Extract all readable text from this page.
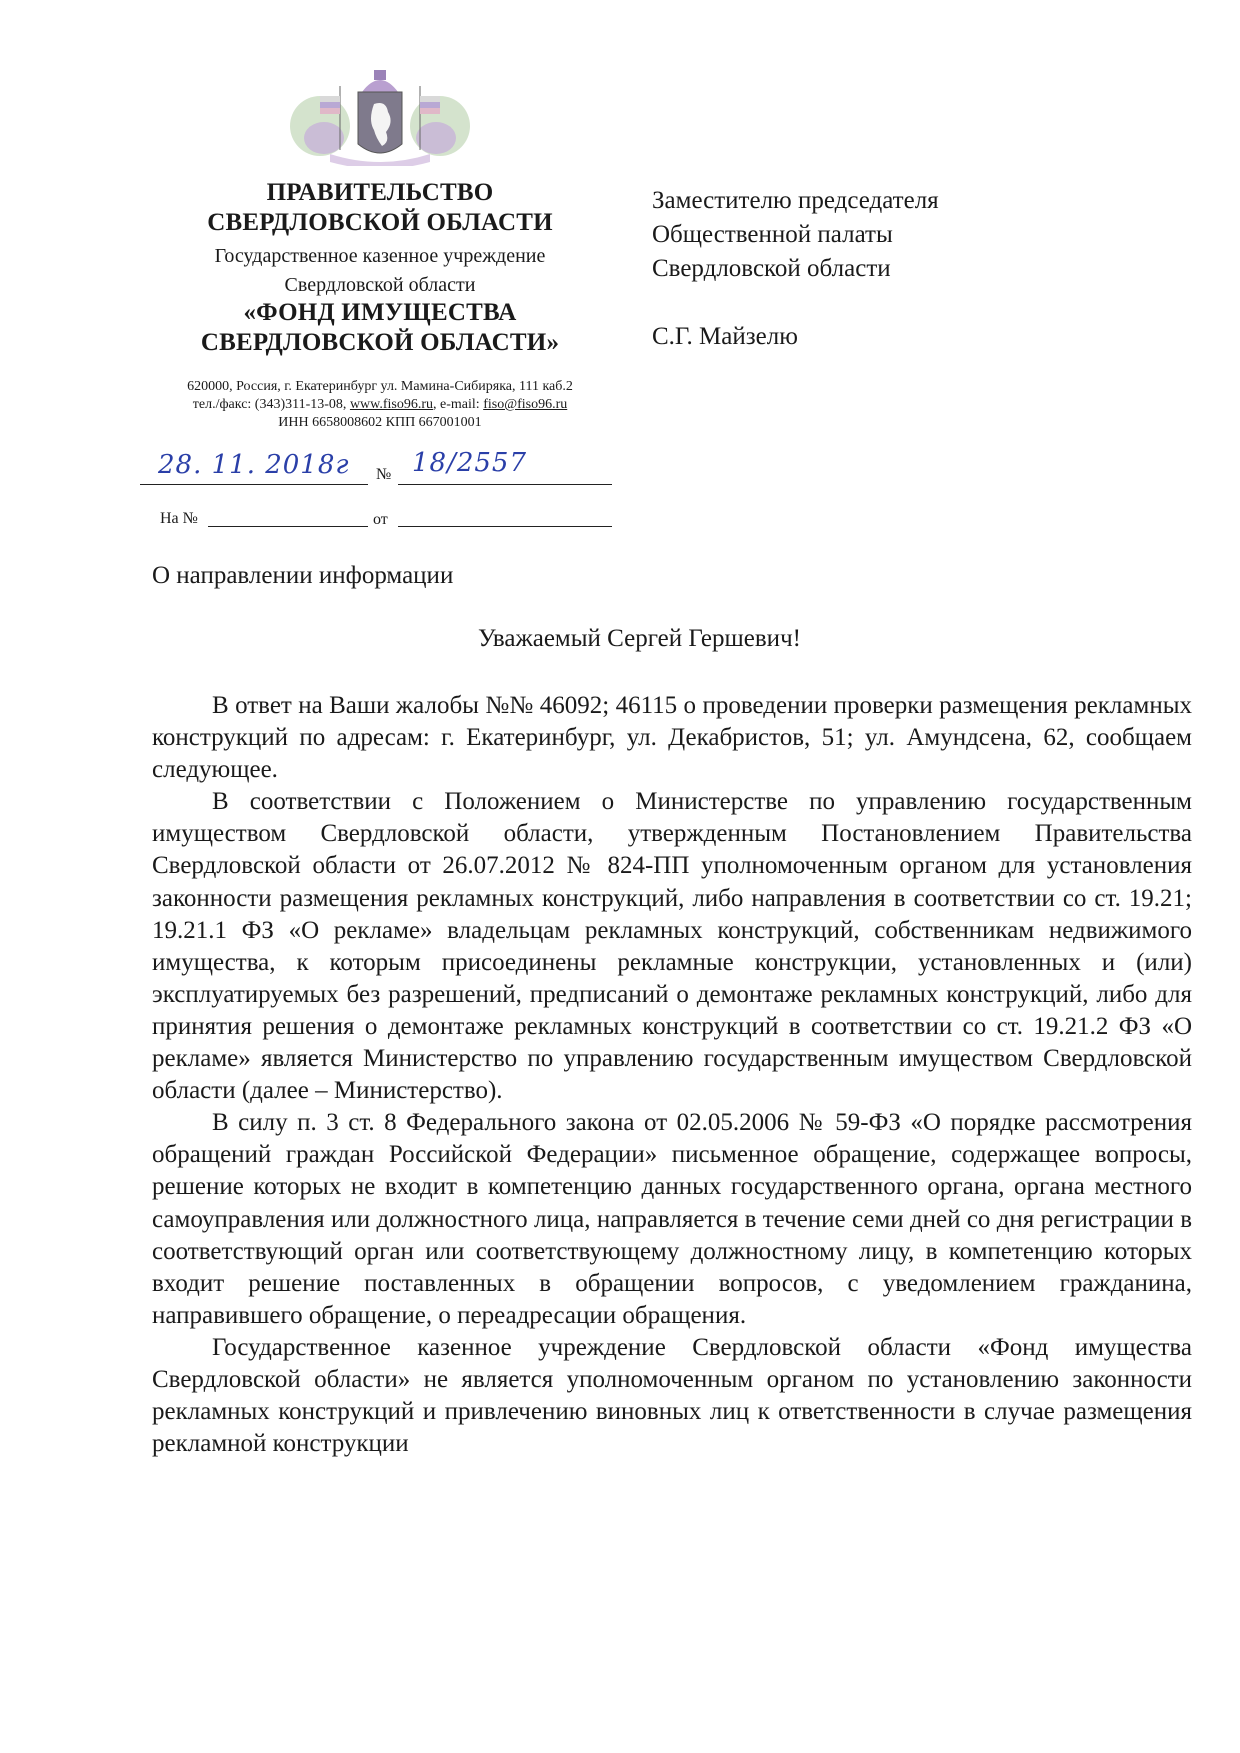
ПРАВИТЕЛЬСТВО
СВЕРДЛОВСКОЙ ОБЛАСТИ
Государственное казенное учреждение
Свердловской области
«ФОНД ИМУЩЕСТВА
СВЕРДЛОВСКОЙ ОБЛАСТИ»
620000, Россия, г. Екатеринбург ул. Мамина-Сибиряка, 111 каб.2
тел./факс: (343)311-13-08, www.fiso96.ru, e-mail: fiso@fiso96.ru
ИНН 6658008602 КПП 667001001
28. 11. 2018г № 18/2557
На №	от
Заместителю председателя
Общественной палаты
Свердловской области
С.Г. Майзелю
О направлении информации
Уважаемый Сергей Гершевич!

В ответ на Ваши жалобы №№ 46092; 46115 о проведении проверки размещения рекламных конструкций по адресам: г. Екатеринбург, ул. Декабристов, 51; ул. Амундсена, 62, сообщаем следующее.

В соответствии с Положением о Министерстве по управлению государственным имуществом Свердловской области, утвержденным Постановлением Правительства Свердловской области от 26.07.2012 № 824-ПП уполномоченным органом для установления законности размещения рекламных конструкций, либо направления в соответствии со ст. 19.21; 19.21.1 ФЗ «О рекламе» владельцам рекламных конструкций, собственникам недвижимого имущества, к которым присоединены рекламные конструкции, установленных и (или) эксплуатируемых без разрешений, предписаний о демонтаже рекламных конструкций, либо для принятия решения о демонтаже рекламных конструкций в соответствии со ст. 19.21.2 ФЗ «О рекламе» является Министерство по управлению государственным имуществом Свердловской области (далее – Министерство).

В силу п. 3 ст. 8 Федерального закона от 02.05.2006 № 59-ФЗ «О порядке рассмотрения обращений граждан Российской Федерации» письменное обращение, содержащее вопросы, решение которых не входит в компетенцию данных государственного органа, органа местного самоуправления или должностного лица, направляется в течение семи дней со дня регистрации в соответствующий орган или соответствующему должностному лицу, в компетенцию которых входит решение поставленных в обращении вопросов, с уведомлением гражданина, направившего обращение, о переадресации обращения.

Государственное казенное учреждение Свердловской области «Фонд имущества Свердловской области» не является уполномоченным органом по установлению законности рекламных конструкций и привлечению виновных лиц к ответственности в случае размещения рекламной конструкции
